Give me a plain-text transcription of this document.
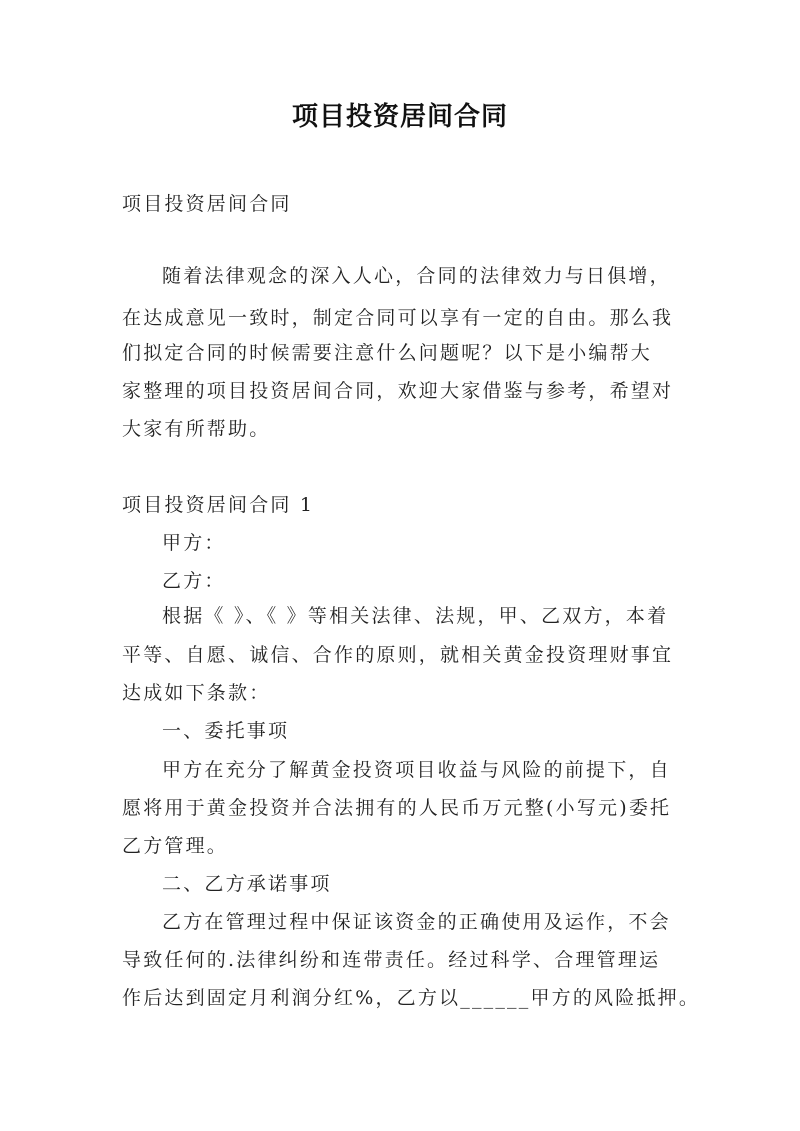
项目投资居间合同
项目投资居间合同
随着法律观念的深入人心，合同的法律效力与日俱增，
在达成意见一致时，制定合同可以享有一定的自由。那么我
们拟定合同的时候需要注意什么问题呢？以下是小编帮大
家整理的项目投资居间合同，欢迎大家借鉴与参考，希望对
大家有所帮助。
项目投资居间合同 1
甲方：
乙方：
根据《 》、《 》等相关法律、法规，甲、乙双方，本着
平等、自愿、诚信、合作的原则，就相关黄金投资理财事宜
达成如下条款：
一、委托事项
甲方在充分了解黄金投资项目收益与风险的前提下，自
愿将用于黄金投资并合法拥有的人民币万元整(小写元)委托
乙方管理。
二、乙方承诺事项
乙方在管理过程中保证该资金的正确使用及运作，不会
导致任何的.法律纠纷和连带责任。经过科学、合理管理运
作后达到固定月利润分红%，乙方以______甲方的风险抵押。
